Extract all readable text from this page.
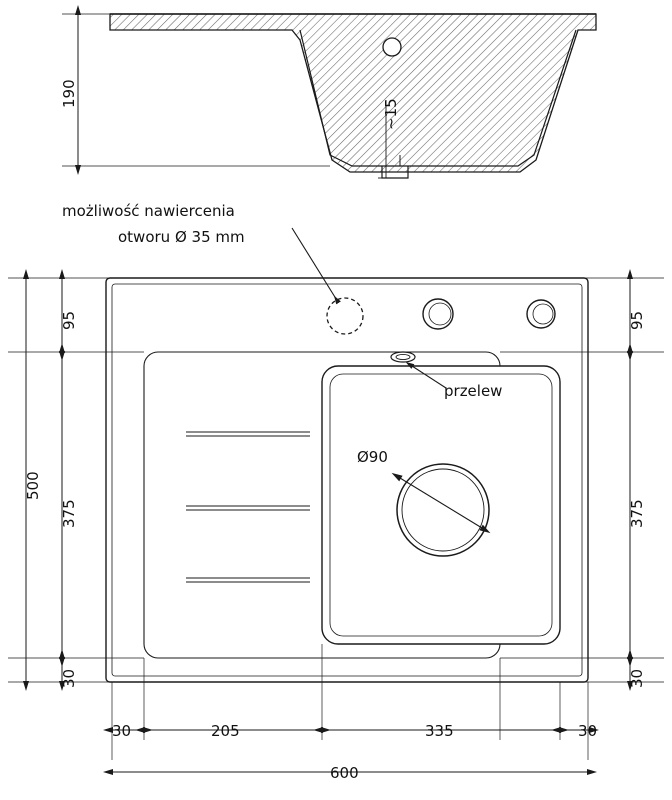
możliwość nawiercenia
otworu Ø 35 mm
przelew
Ø90
190
~15
95
375
30
500
95
375
30
30	205	335	30
600
